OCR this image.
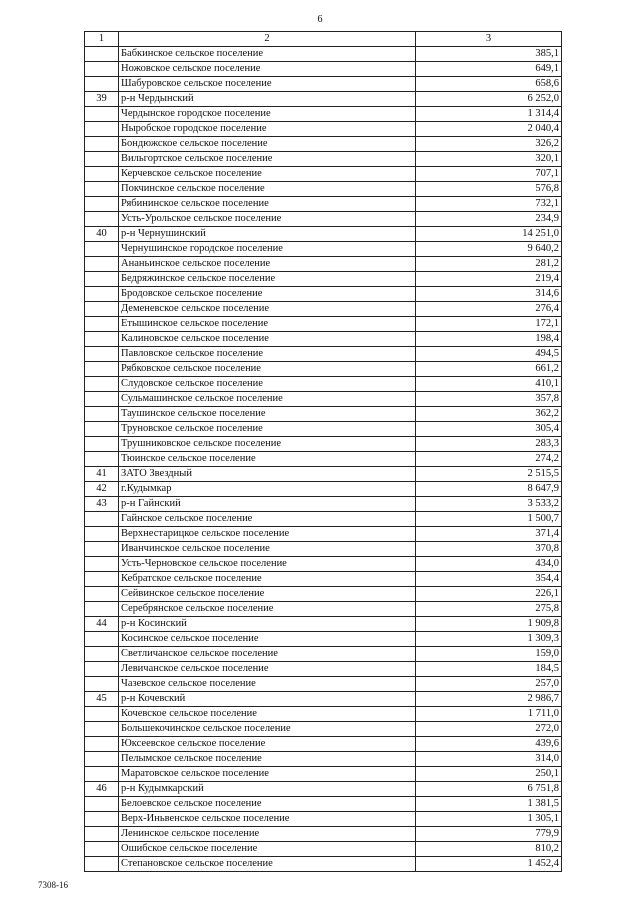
6
1	2	3
	Бабкинское сельское поселение	385,1
	Ножовское сельское поселение	649,1
	Шабуровское сельское поселение	658,6
39	р-н Чердынский	6 252,0
	Чердынское городское поселение	1 314,4
	Ныробское городское поселение	2 040,4
	Бондюжское сельское поселение	326,2
	Вильгортское сельское поселение	320,1
	Керчевское сельское поселение	707,1
	Покчинское сельское поселение	576,8
	Рябининское сельское поселение	732,1
	Усть-Урольское сельское поселение	234,9
40	р-н Чернушинский	14 251,0
	Чернушинское городское поселение	9 640,2
	Ананьинское сельское поселение	281,2
	Бедряжинское сельское поселение	219,4
	Бродовское сельское поселение	314,6
	Деменевское сельское поселение	276,4
	Етышинское сельское поселение	172,1
	Калиновское сельское поселение	198,4
	Павловское сельское поселение	494,5
	Рябковское сельское поселение	661,2
	Слудовское сельское поселение	410,1
	Сульмашинское сельское поселение	357,8
	Таушинское сельское поселение	362,2
	Труновское сельское поселение	305,4
	Трушниковское сельское поселение	283,3
	Тюинское сельское поселение	274,2
41	ЗАТО Звездный	2 515,5
42	г.Кудымкар	8 647,9
43	р-н Гайнский	3 533,2
	Гайнское сельское поселение	1 500,7
	Верхнестарицкое сельское поселение	371,4
	Иванчинское сельское поселение	370,8
	Усть-Черновское сельское поселение	434,0
	Кебратское сельское поселение	354,4
	Сейвинское сельское поселение	226,1
	Серебрянское сельское поселение	275,8
44	р-н Косинский	1 909,8
	Косинское сельское поселение	1 309,3
	Светличанское сельское поселение	159,0
	Левичанское сельское поселение	184,5
	Чазевское сельское поселение	257,0
45	р-н Кочевский	2 986,7
	Кочевское сельское поселение	1 711,0
	Большекочинское сельское поселение	272,0
	Юксеевское сельское поселение	439,6
	Пелымское сельское поселение	314,0
	Маратовское сельское поселение	250,1
46	р-н Кудымкарский	6 751,8
	Белоевское сельское поселение	1 381,5
	Верх-Иньвенское сельское поселение	1 305,1
	Ленинское сельское поселение	779,9
	Ошибское сельское поселение	810,2
	Степановское сельское поселение	1 452,4
7308-16
